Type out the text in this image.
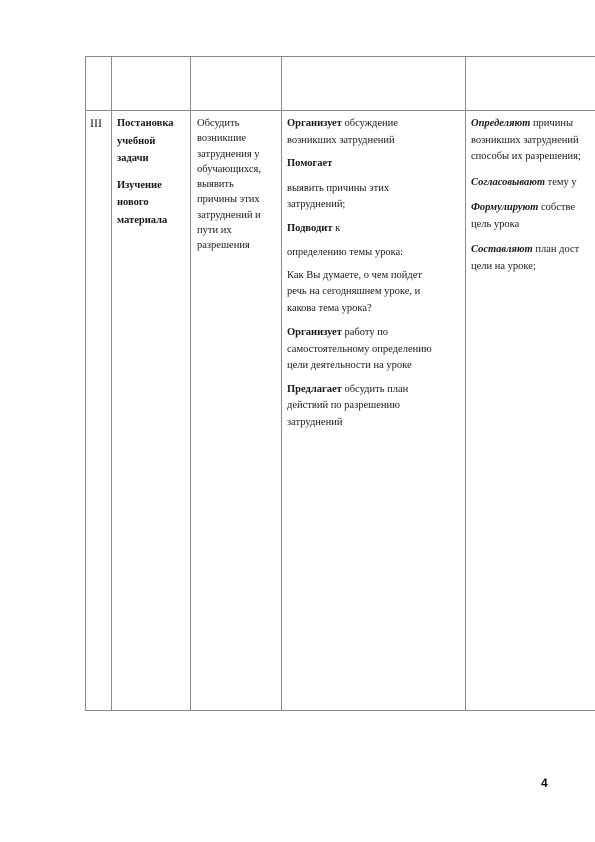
III	Постановка

учебной

задачи

Изучение

нового

материала

Обсудить

возникшие

затруднения у

обучающихся,

выявить

причины этих

затруднений и

пути их

разрешения

Организует обсуждение

возникших затруднений

Помогает

выявить причины этих

затруднений;

Подводит к

определению темы урока:

Как Вы думаете, о чем пойдет

речь на сегодняшнем уроке, и

какова тема урока?

Организует работу по

самостоятельному определению

цели деятельности на уроке

Предлагает обсудить план

действий по разрешению

затруднений

Определяют причины

возникших затруднений

способы их разрешения;

Согласовывают тему у

Формулируют собстве

цель урока

Составляют план дост

цели на уроке;

4
